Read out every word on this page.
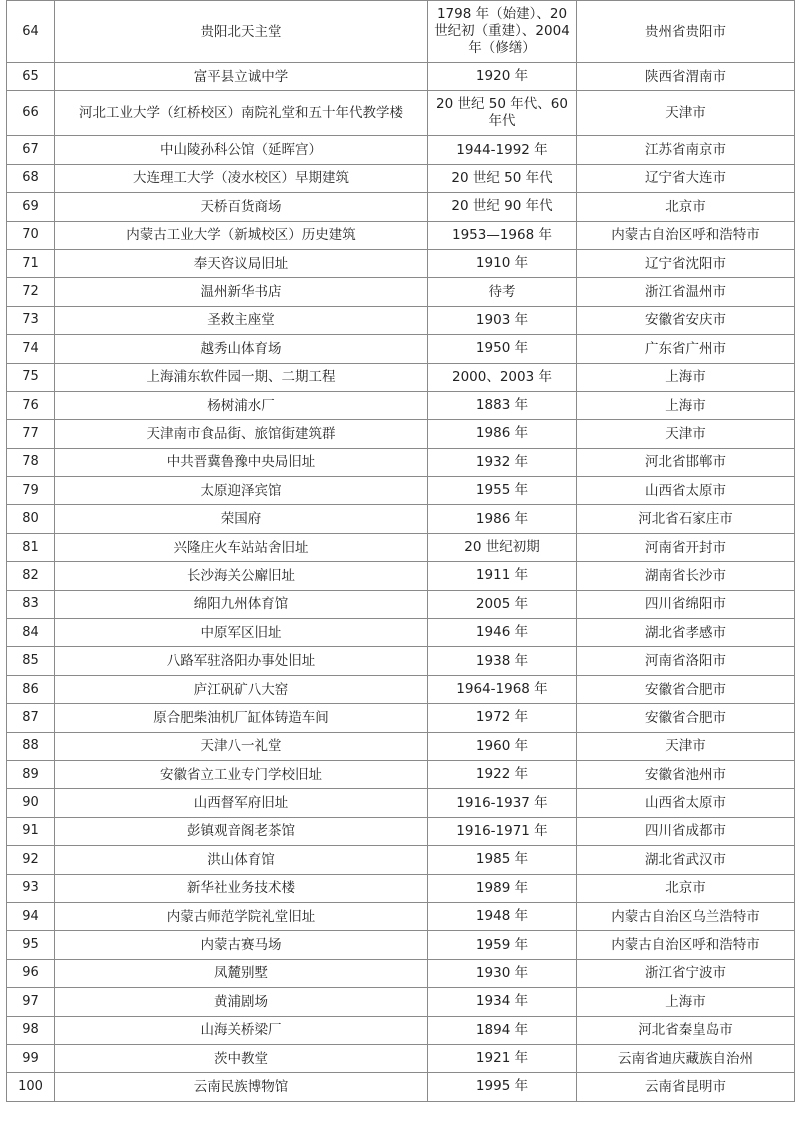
64	贵阳北天主堂	1798 年（始建）、20 世纪初（重建）、2004 年（修缮）	贵州省贵阳市
65	富平县立诚中学	1920 年	陕西省渭南市
66	河北工业大学（红桥校区）南院礼堂和五十年代教学楼	20 世纪 50 年代、60 年代	天津市
67	中山陵孙科公馆（延晖宫）	1944-1992 年	江苏省南京市
68	大连理工大学（凌水校区）早期建筑	20 世纪 50 年代	辽宁省大连市
69	天桥百货商场	20 世纪 90 年代	北京市
70	内蒙古工业大学（新城校区）历史建筑	1953—1968 年	内蒙古自治区呼和浩特市
71	奉天咨议局旧址	1910 年	辽宁省沈阳市
72	温州新华书店	待考	浙江省温州市
73	圣救主座堂	1903 年	安徽省安庆市
74	越秀山体育场	1950 年	广东省广州市
75	上海浦东软件园一期、二期工程	2000、2003 年	上海市
76	杨树浦水厂	1883 年	上海市
77	天津南市食品街、旅馆街建筑群	1986 年	天津市
78	中共晋冀鲁豫中央局旧址	1932 年	河北省邯郸市
79	太原迎泽宾馆	1955 年	山西省太原市
80	荣国府	1986 年	河北省石家庄市
81	兴隆庄火车站站舍旧址	20 世纪初期	河南省开封市
82	长沙海关公廨旧址	1911 年	湖南省长沙市
83	绵阳九州体育馆	2005 年	四川省绵阳市
84	中原军区旧址	1946 年	湖北省孝感市
85	八路军驻洛阳办事处旧址	1938 年	河南省洛阳市
86	庐江矾矿八大窑	1964-1968 年	安徽省合肥市
87	原合肥柴油机厂缸体铸造车间	1972 年	安徽省合肥市
88	天津八一礼堂	1960 年	天津市
89	安徽省立工业专门学校旧址	1922 年	安徽省池州市
90	山西督军府旧址	1916-1937 年	山西省太原市
91	彭镇观音阁老茶馆	1916-1971 年	四川省成都市
92	洪山体育馆	1985 年	湖北省武汉市
93	新华社业务技术楼	1989 年	北京市
94	内蒙古师范学院礼堂旧址	1948 年	内蒙古自治区乌兰浩特市
95	内蒙古赛马场	1959 年	内蒙古自治区呼和浩特市
96	凤麓别墅	1930 年	浙江省宁波市
97	黄浦剧场	1934 年	上海市
98	山海关桥梁厂	1894 年	河北省秦皇岛市
99	茨中教堂	1921 年	云南省迪庆藏族自治州
100	云南民族博物馆	1995 年	云南省昆明市
